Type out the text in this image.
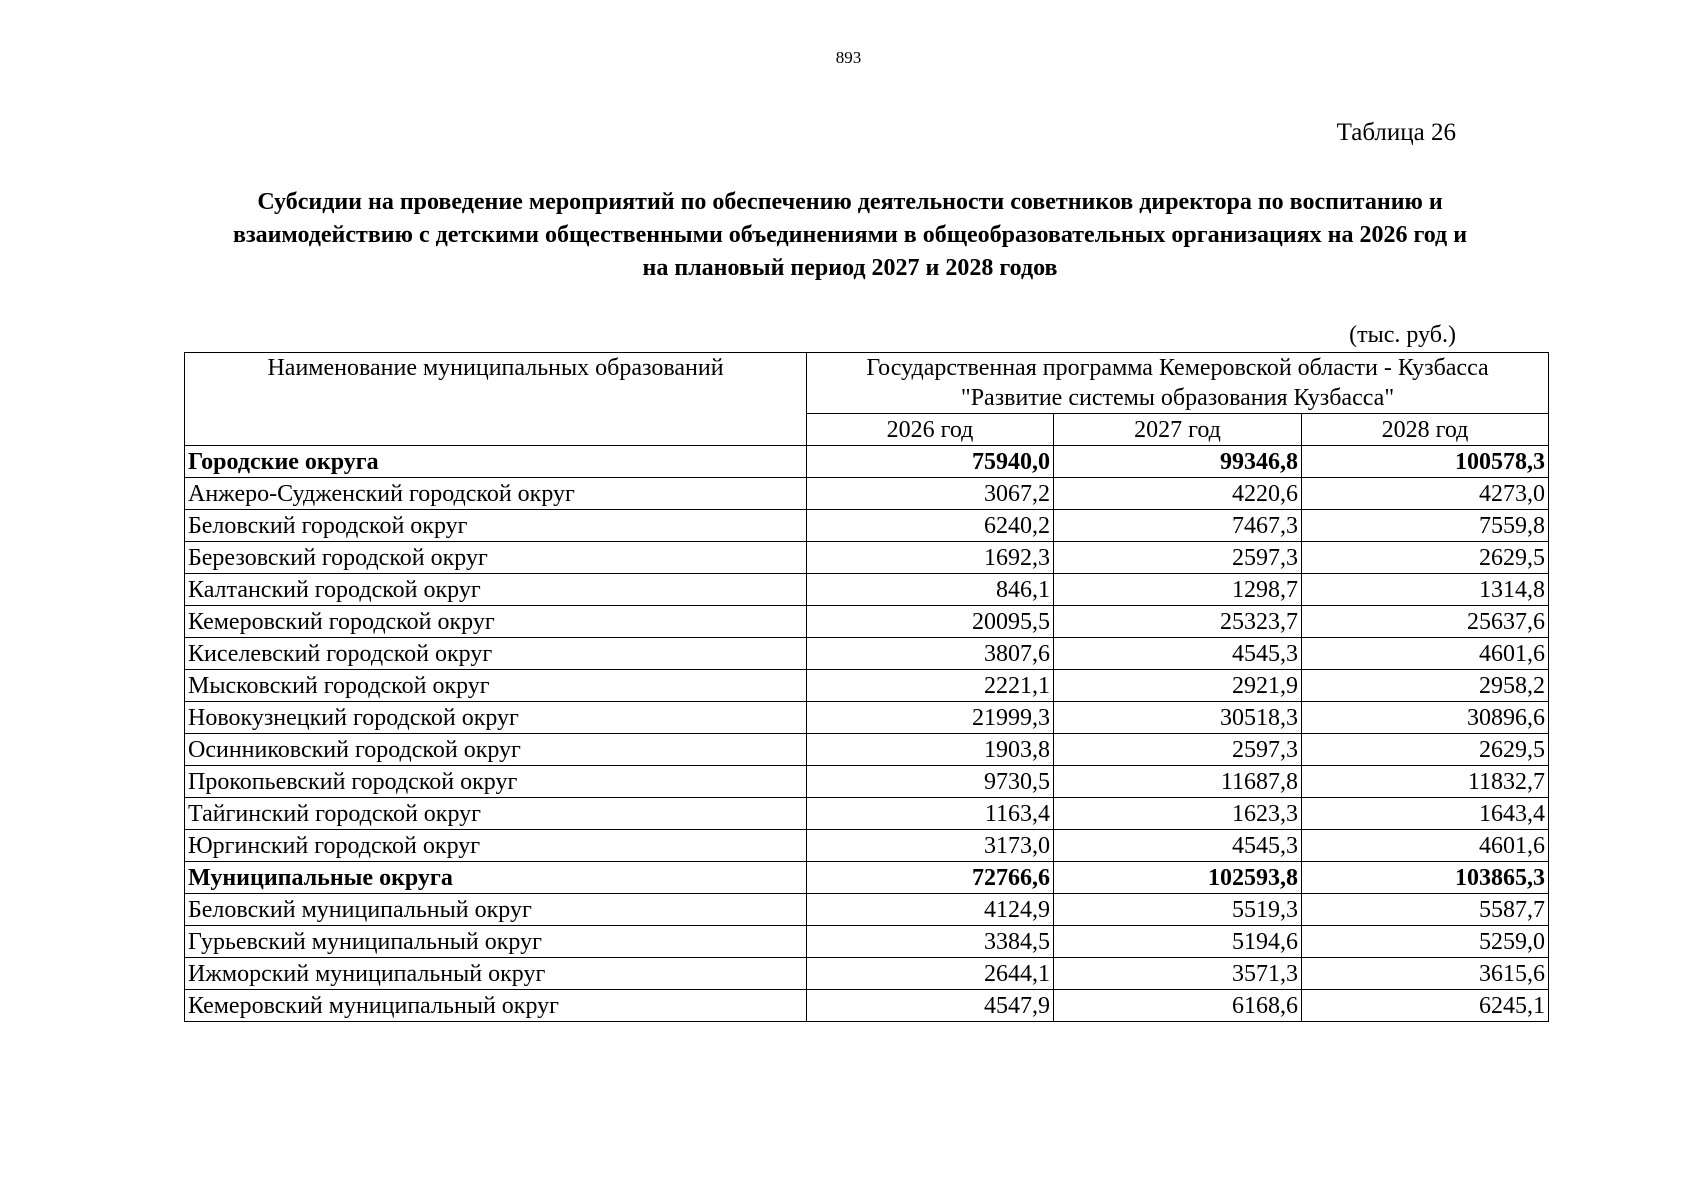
893
Таблица 26
Субсидии на проведение мероприятий по обеспечению деятельности советников директора по воспитанию и
взаимодействию с детскими общественными объединениями в общеобразовательных организациях на 2026 год и
на плановый период 2027 и 2028 годов
(тыс. руб.)
Наименование муниципальных образований	Государственная программа Кемеровской области - Кузбасса
"Развитие системы образования Кузбасса"		

	2026 год	2027 год	2028 год
Городские округа	75940,0	99346,8	100578,3
Анжеро-Судженский городской округ	3067,2	4220,6	4273,0
Беловский городской округ	6240,2	7467,3	7559,8
Березовский городской округ	1692,3	2597,3	2629,5
Калтанский городской округ	846,1	1298,7	1314,8
Кемеровский городской округ	20095,5	25323,7	25637,6
Киселевский городской округ	3807,6	4545,3	4601,6
Мысковский городской округ	2221,1	2921,9	2958,2
Новокузнецкий городской округ	21999,3	30518,3	30896,6
Осинниковский городской округ	1903,8	2597,3	2629,5
Прокопьевский городской округ	9730,5	11687,8	11832,7
Тайгинский городской округ	1163,4	1623,3	1643,4
Юргинский городской округ	3173,0	4545,3	4601,6
Муниципальные округа	72766,6	102593,8	103865,3
Беловский муниципальный округ	4124,9	5519,3	5587,7
Гурьевский муниципальный округ	3384,5	5194,6	5259,0
Ижморский муниципальный округ	2644,1	3571,3	3615,6
Кемеровский муниципальный округ	4547,9	6168,6	6245,1
